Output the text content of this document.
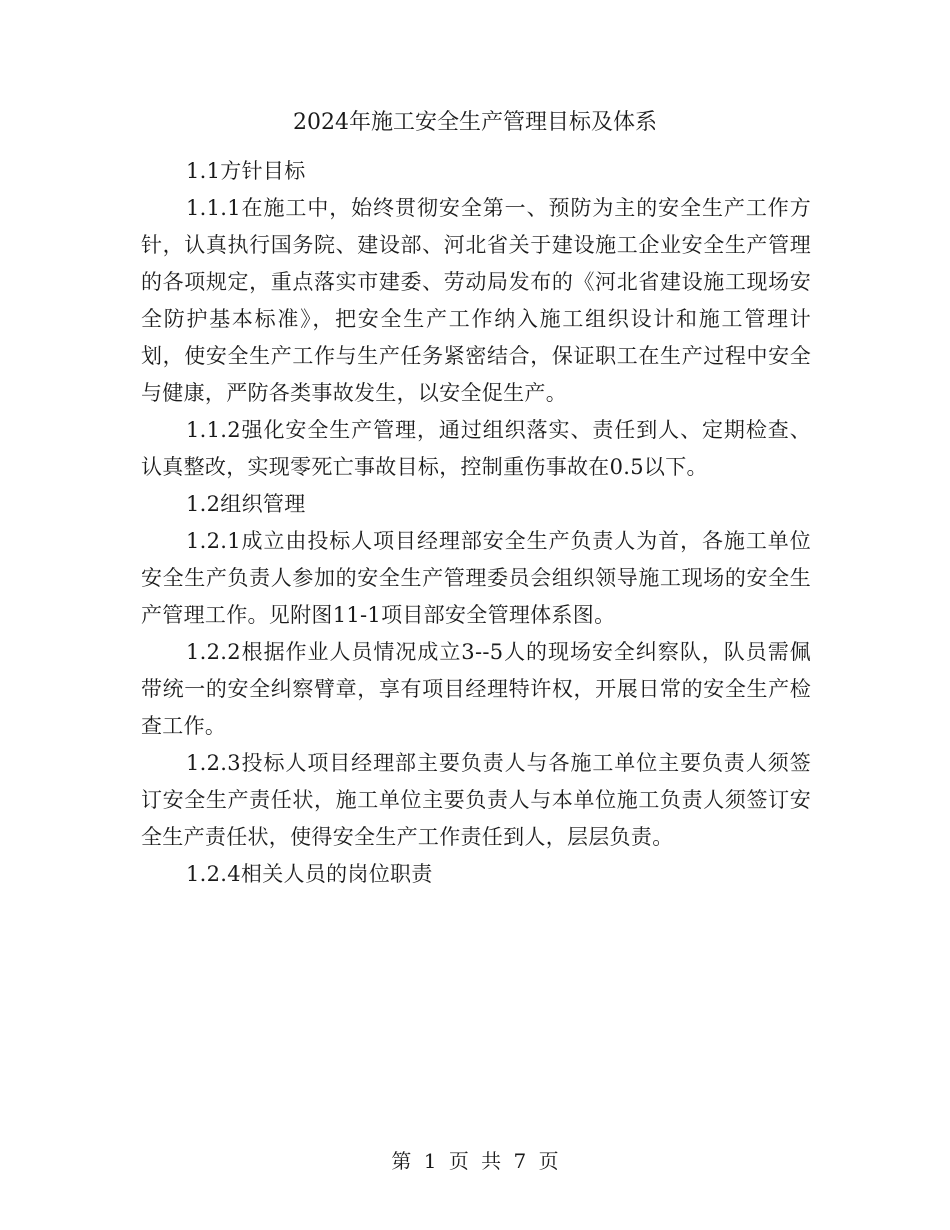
2024年施工安全生产管理目标及体系

1.1方针目标

1.1.1在施工中，始终贯彻安全第一、预防为主的安全生产工作方针，认真执行国务院、建设部、河北省关于建设施工企业安全生产管理的各项规定，重点落实市建委、劳动局发布的《河北省建设施工现场安全防护基本标准》，把安全生产工作纳入施工组织设计和施工管理计划，使安全生产工作与生产任务紧密结合，保证职工在生产过程中安全与健康，严防各类事故发生，以安全促生产。

1.1.2强化安全生产管理，通过组织落实、责任到人、定期检查、认真整改，实现零死亡事故目标，控制重伤事故在0.5以下。

1.2组织管理

1.2.1成立由投标人项目经理部安全生产负责人为首，各施工单位安全生产负责人参加的安全生产管理委员会组织领导施工现场的安全生产管理工作。见附图11-1项目部安全管理体系图。

1.2.2根据作业人员情况成立3--5人的现场安全纠察队，队员需佩带统一的安全纠察臂章，享有项目经理特许权，开展日常的安全生产检查工作。

1.2.3投标人项目经理部主要负责人与各施工单位主要负责人须签订安全生产责任状，施工单位主要负责人与本单位施工负责人须签订安全生产责任状，使得安全生产工作责任到人，层层负责。

1.2.4相关人员的岗位职责

第 1 页 共 7 页
